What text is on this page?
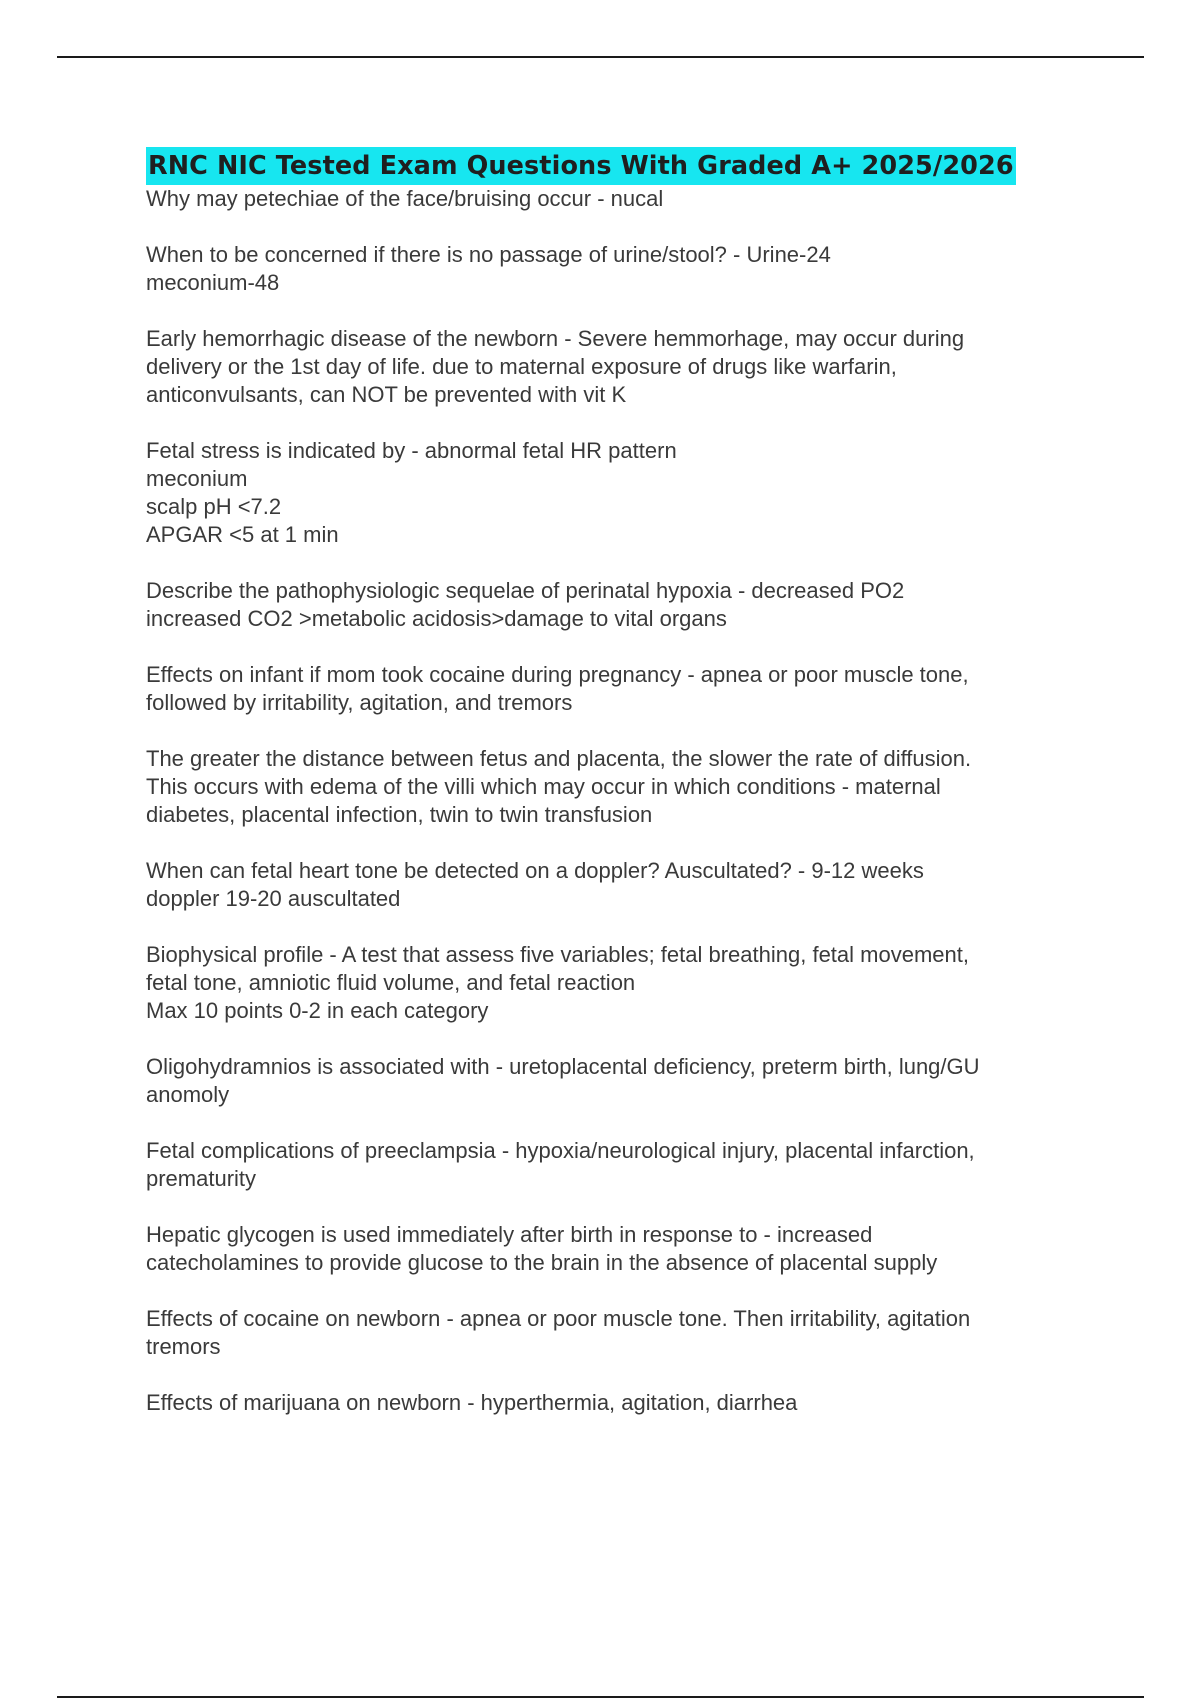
RNC NIC Tested Exam Questions With Graded A+ 2025/2026

Why may petechiae of the face/bruising occur - nucal

When to be concerned if there is no passage of urine/stool? - Urine-24
meconium-48

Early hemorrhagic disease of the newborn - Severe hemmorhage, may occur during
delivery or the 1st day of life. due to maternal exposure of drugs like warfarin,
anticonvulsants, can NOT be prevented with vit K

Fetal stress is indicated by - abnormal fetal HR pattern
meconium
scalp pH <7.2
APGAR <5 at 1 min

Describe the pathophysiologic sequelae of perinatal hypoxia - decreased PO2
increased CO2 >metabolic acidosis>damage to vital organs

Effects on infant if mom took cocaine during pregnancy - apnea or poor muscle tone,
followed by irritability, agitation, and tremors

The greater the distance between fetus and placenta, the slower the rate of diffusion.
This occurs with edema of the villi which may occur in which conditions - maternal
diabetes, placental infection, twin to twin transfusion

When can fetal heart tone be detected on a doppler? Auscultated? - 9-12 weeks
doppler 19-20 auscultated

Biophysical profile - A test that assess five variables; fetal breathing, fetal movement,
fetal tone, amniotic fluid volume, and fetal reaction
Max 10 points 0-2 in each category

Oligohydramnios is associated with - uretoplacental deficiency, preterm birth, lung/GU
anomoly

Fetal complications of preeclampsia - hypoxia/neurological injury, placental infarction,
prematurity

Hepatic glycogen is used immediately after birth in response to - increased
catecholamines to provide glucose to the brain in the absence of placental supply

Effects of cocaine on newborn - apnea or poor muscle tone. Then irritability, agitation
tremors

Effects of marijuana on newborn - hyperthermia, agitation, diarrhea
